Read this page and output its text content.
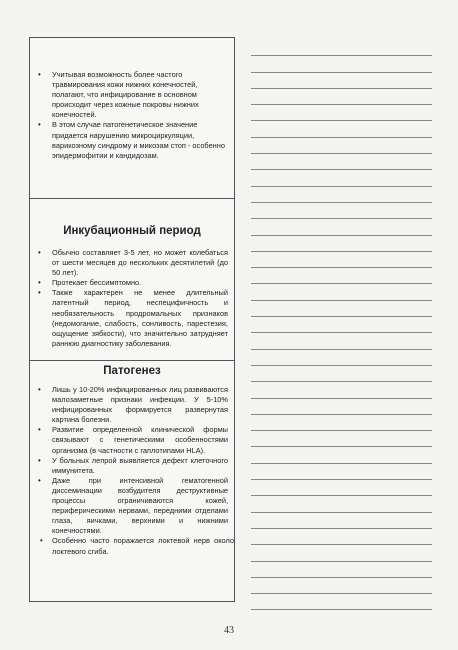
• Учитывая возможность более частого травмирования кожи нижних конечностей, полагают, что инфицирование в основном происходит через кожные покровы нижних конечностей.
• В этом случае патогенетическое значение придается нарушению микроциркуляции, варикозному синдрому и микозам стоп - особенно эпидермофитии и кандидозам.
Инкубационный период
• Обычно составляет 3-5 лет, но может колебаться от шести месяцев до нескольких десятилетий (до 50 лет).
• Протекает бессимптомно.
• Также характерен не менее длительный латентный период, неспецифичность и необязательность продромальных признаков (недомогание, слабость, сонливость, парестезия, ощущение зябкости), что значительно затрудняет раннюю диагностику заболевания.
Патогенез
• Лишь у 10-20% инфицированных лиц развиваются малозаметные признаки инфекции. У 5-10% инфицированных формируется развернутая картина болезни.
• Развитие определенной клинической формы связывают с генетическими особенностями организма (в частности с гаплотипами HLA).
• У больных лепрой выявляется дефект клеточного иммунитета.
• Даже при интенсивной гематогенной диссеминации возбудителя деструктивные процессы ограничиваются кожей, периферическими нервами, передними отделами глаза, яичками, верхними и нижними конечностями.
• Особенно часто поражается локтевой нерв около локтевого сгиба.
43
